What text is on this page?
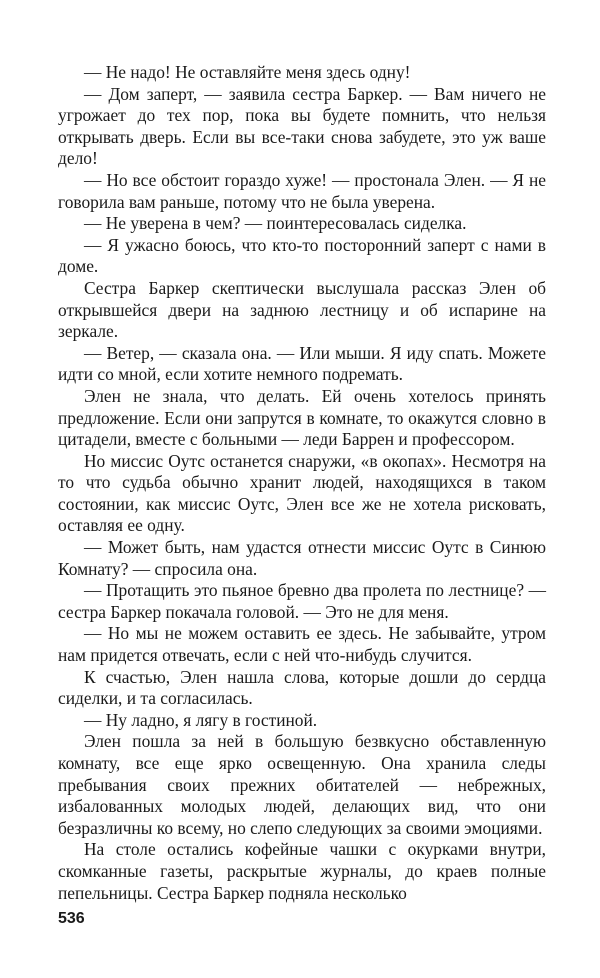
— Не надо! Не оставляйте меня здесь одну!

— Дом заперт, — заявила сестра Баркер. — Вам ничего не угрожает до тех пор, пока вы будете помнить, что нельзя открывать дверь. Если вы все-таки снова забудете, это уж ваше дело!

— Но все обстоит гораздо хуже! — простонала Элен. — Я не говорила вам раньше, потому что не была уверена.

— Не уверена в чем? — поинтересовалась сиделка.

— Я ужасно боюсь, что кто-то посторонний заперт с нами в доме.

Сестра Баркер скептически выслушала рассказ Элен об открывшейся двери на заднюю лестницу и об испарине на зеркале.

— Ветер, — сказала она. — Или мыши. Я иду спать. Можете идти со мной, если хотите немного подремать.

Элен не знала, что делать. Ей очень хотелось принять предложение. Если они запрутся в комнате, то окажутся словно в цитадели, вместе с больными — леди Баррен и профессором.

Но миссис Оутс останется снаружи, «в окопах». Несмотря на то что судьба обычно хранит людей, находящихся в таком состоянии, как миссис Оутс, Элен все же не хотела рисковать, оставляя ее одну.

— Может быть, нам удастся отнести миссис Оутс в Синюю Комнату? — спросила она.

— Протащить это пьяное бревно два пролета по лестнице? — сестра Баркер покачала головой. — Это не для меня.

— Но мы не можем оставить ее здесь. Не забывайте, утром нам придется отвечать, если с ней что-нибудь случится.

К счастью, Элен нашла слова, которые дошли до сердца сиделки, и та согласилась.

— Ну ладно, я лягу в гостиной.

Элен пошла за ней в большую безвкусно обставленную комнату, все еще ярко освещенную. Она хранила следы пребывания своих прежних обитателей — небрежных, избалованных молодых людей, делающих вид, что они безразличны ко всему, но слепо следующих за своими эмоциями.

На столе остались кофейные чашки с окурками внутри, скомканные газеты, раскрытые журналы, до краев полные пепельницы. Сестра Баркер подняла несколько

536
